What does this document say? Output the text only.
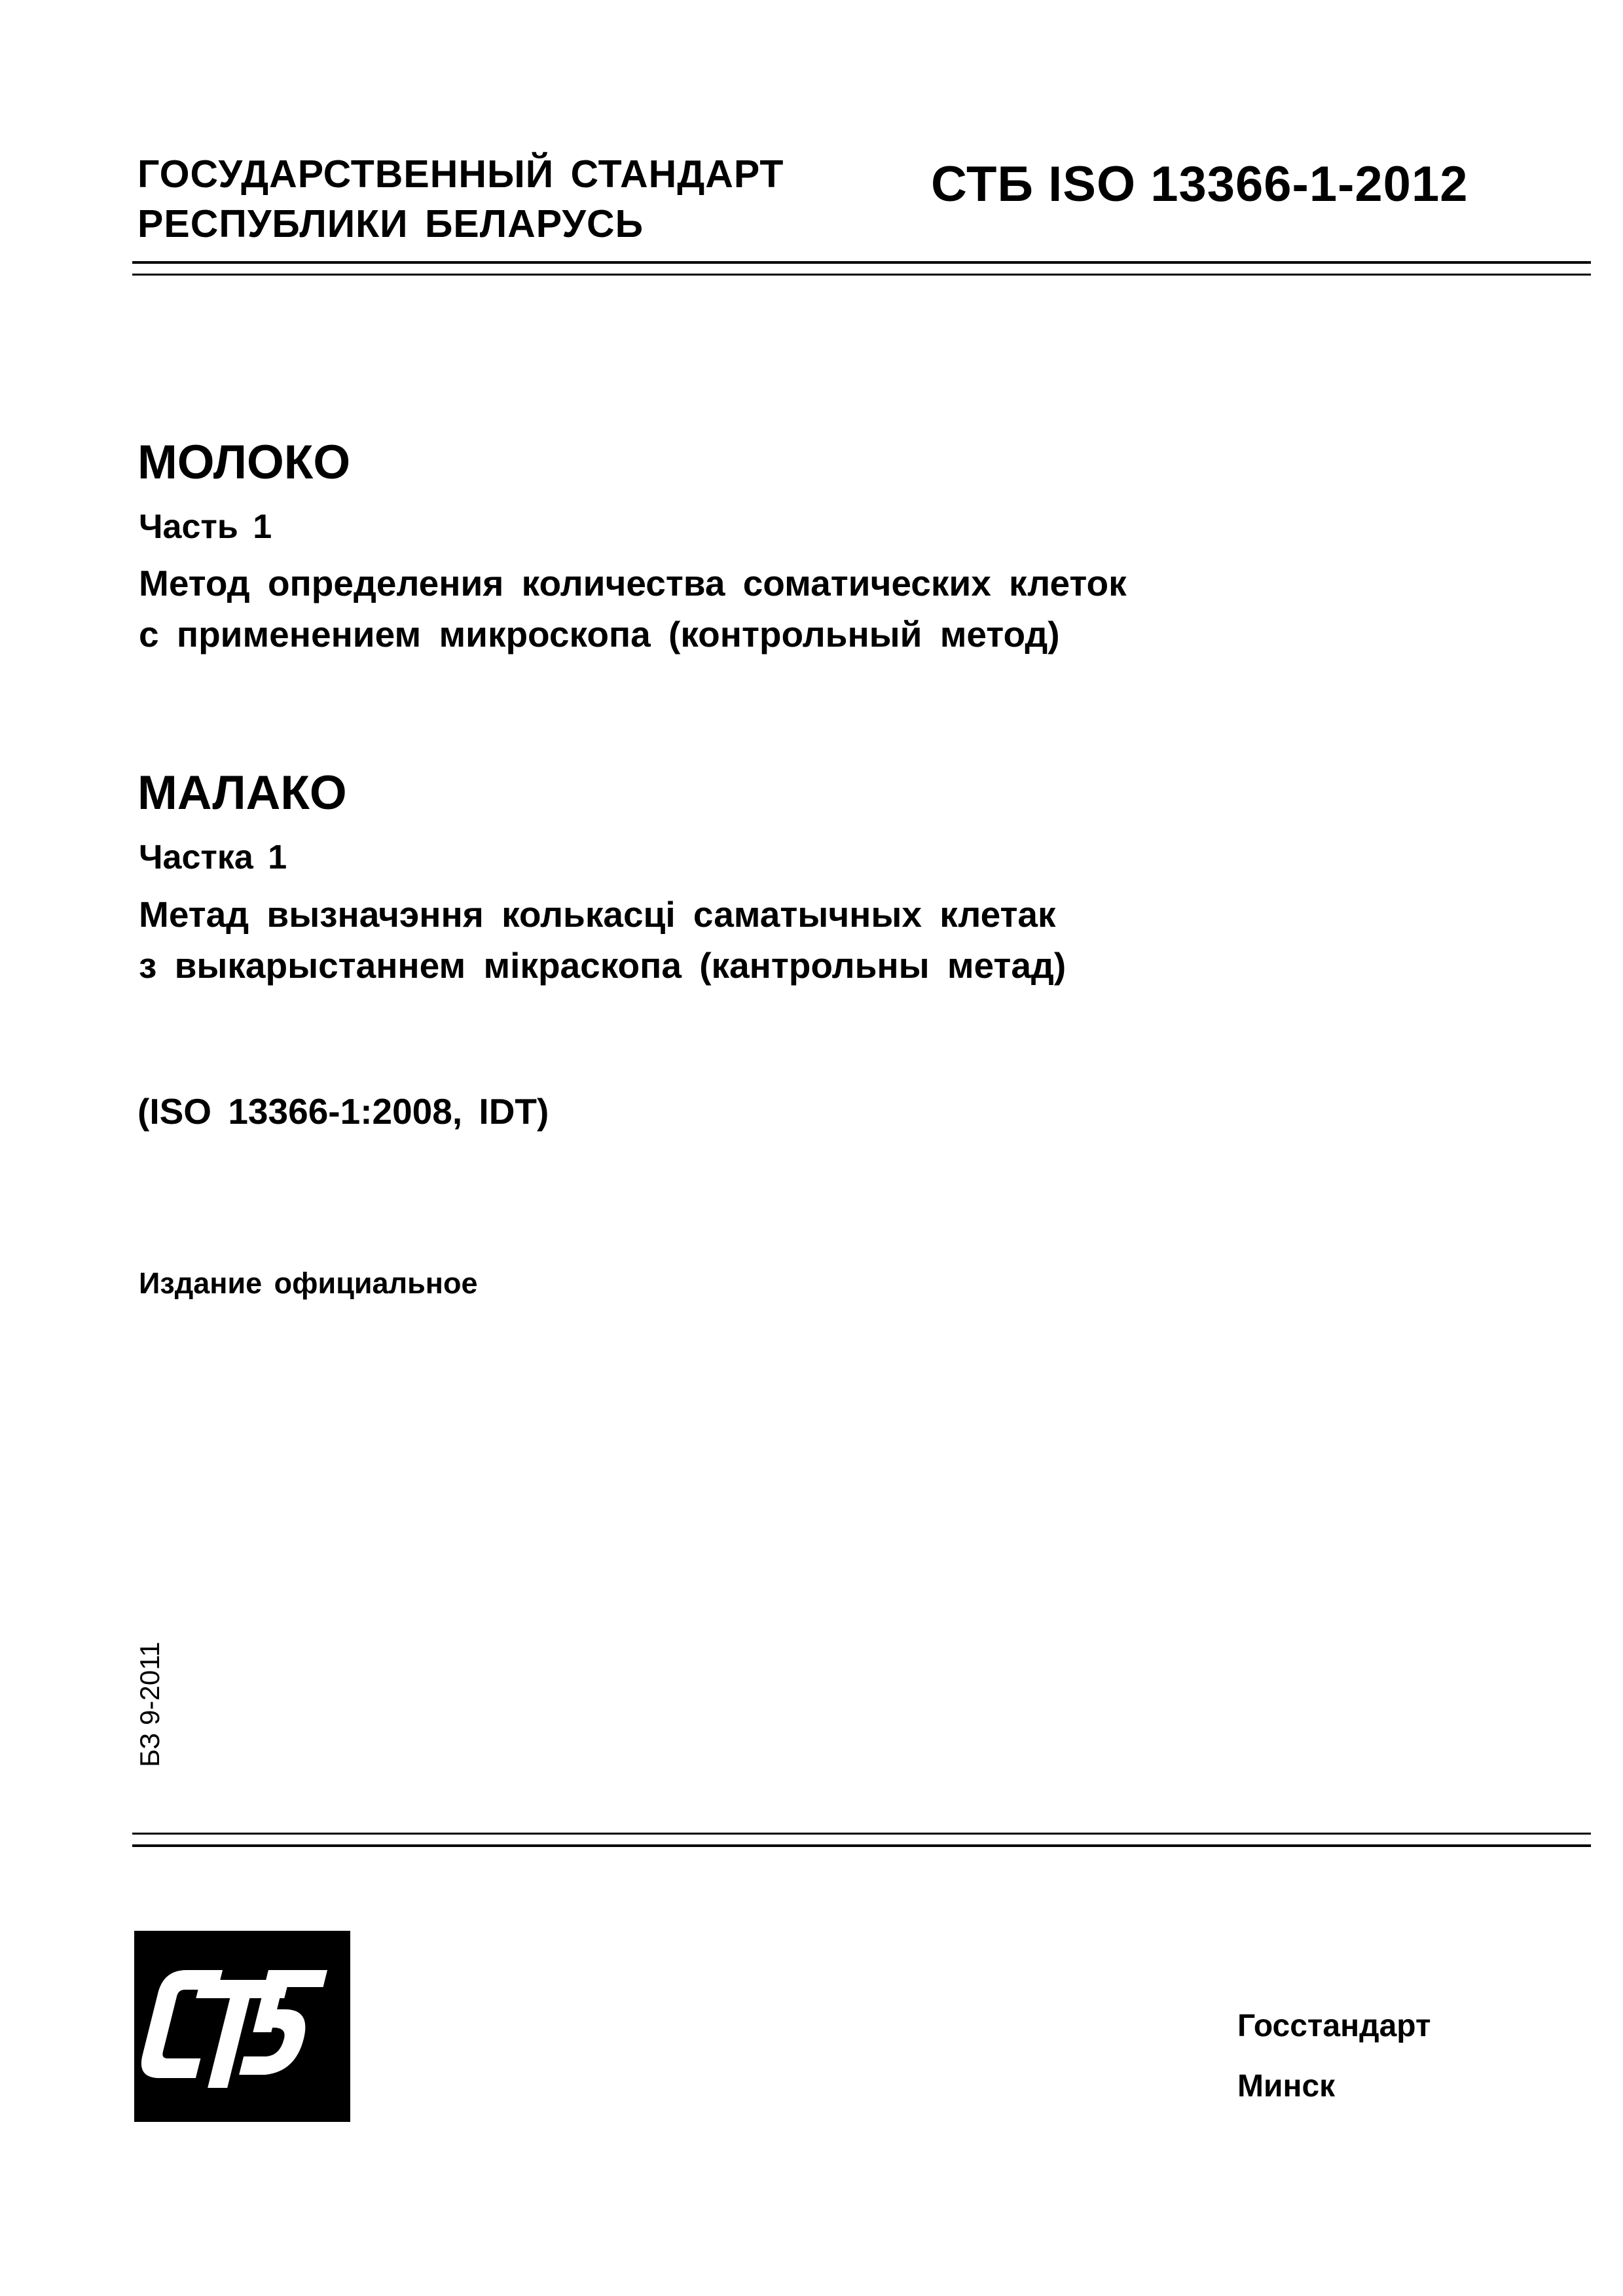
ГОСУДАРСТВЕННЫЙ СТАНДАРТ
РЕСПУБЛИКИ БЕЛАРУСЬ
СТБ ISO 13366-1-2012
МОЛОКО
Часть 1
Метод определения количества соматических клеток
с применением микроскопа (контрольный метод)
МАЛАКО
Частка 1
Метад вызначэння колькасці саматычных клетак
з выкарыстаннем мікраскопа (кантрольны метад)
(ISO 13366-1:2008, IDT)
Издание официальное
БЗ 9-2011
Госстандарт
Минск
